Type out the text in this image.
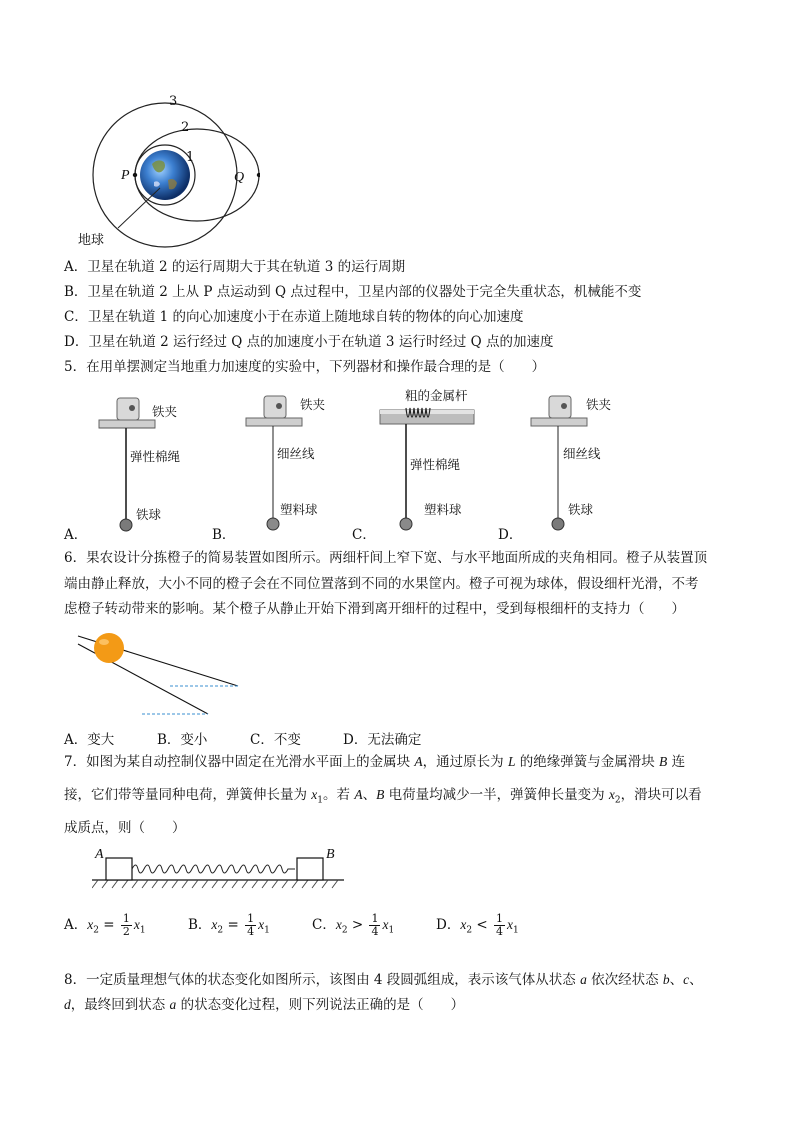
3
2
1
P	Q
地球
A．卫星在轨道 2 的运行周期大于其在轨道 3 的运行周期
B．卫星在轨道 2 上从 P 点运动到 Q 点过程中，卫星内部的仪器处于完全失重状态，机械能不变
C．卫星在轨道 1 的向心加速度小于在赤道上随地球自转的物体的向心加速度
D．卫星在轨道 2 运行经过 Q 点的加速度小于在轨道 3 运行时经过 Q 点的加速度
5．在用单摆测定当地重力加速度的实验中，下列器材和操作最合理的是（　　）
铁夹
弹性棉绳
铁球
A．
铁夹
细丝线
塑料球
B．
粗的金属杆
弹性棉绳
塑料球
C．
铁夹
细丝线
铁球
D．
6．果农设计分拣橙子的简易装置如图所示。两细杆间上窄下宽、与水平地面所成的夹角相同。橙子从装置顶
端由静止释放，大小不同的橙子会在不同位置落到不同的水果筐内。橙子可视为球体，假设细杆光滑，不考
虑橙子转动带来的影响。某个橙子从静止开始下滑到离开细杆的过程中，受到每根细杆的支持力（　　）
A．变大	B．变小	C．不变	D．无法确定
7．如图为某自动控制仪器中固定在光滑水平面上的金属块 A，通过原长为 L 的绝缘弹簧与金属滑块 B 连
接，它们带等量同种电荷，弹簧伸长量为 $x_1$。若 A、B 电荷量均减少一半，弹簧伸长量变为 $x_2$，滑块可以看
成质点，则（　　）
A	B
A．$x_2 = \frac{1}{2} x_1$	B．$x_2 = \frac{1}{4} x_1$	C．$x_2 > \frac{1}{4} x_1$	D．$x_2 < \frac{1}{4} x_1$
8．一定质量理想气体的状态变化如图所示，该图由 4 段圆弧组成，表示该气体从状态 a 依次经状态 b、c、
d，最终回到状态 a 的状态变化过程，则下列说法正确的是（　　）
